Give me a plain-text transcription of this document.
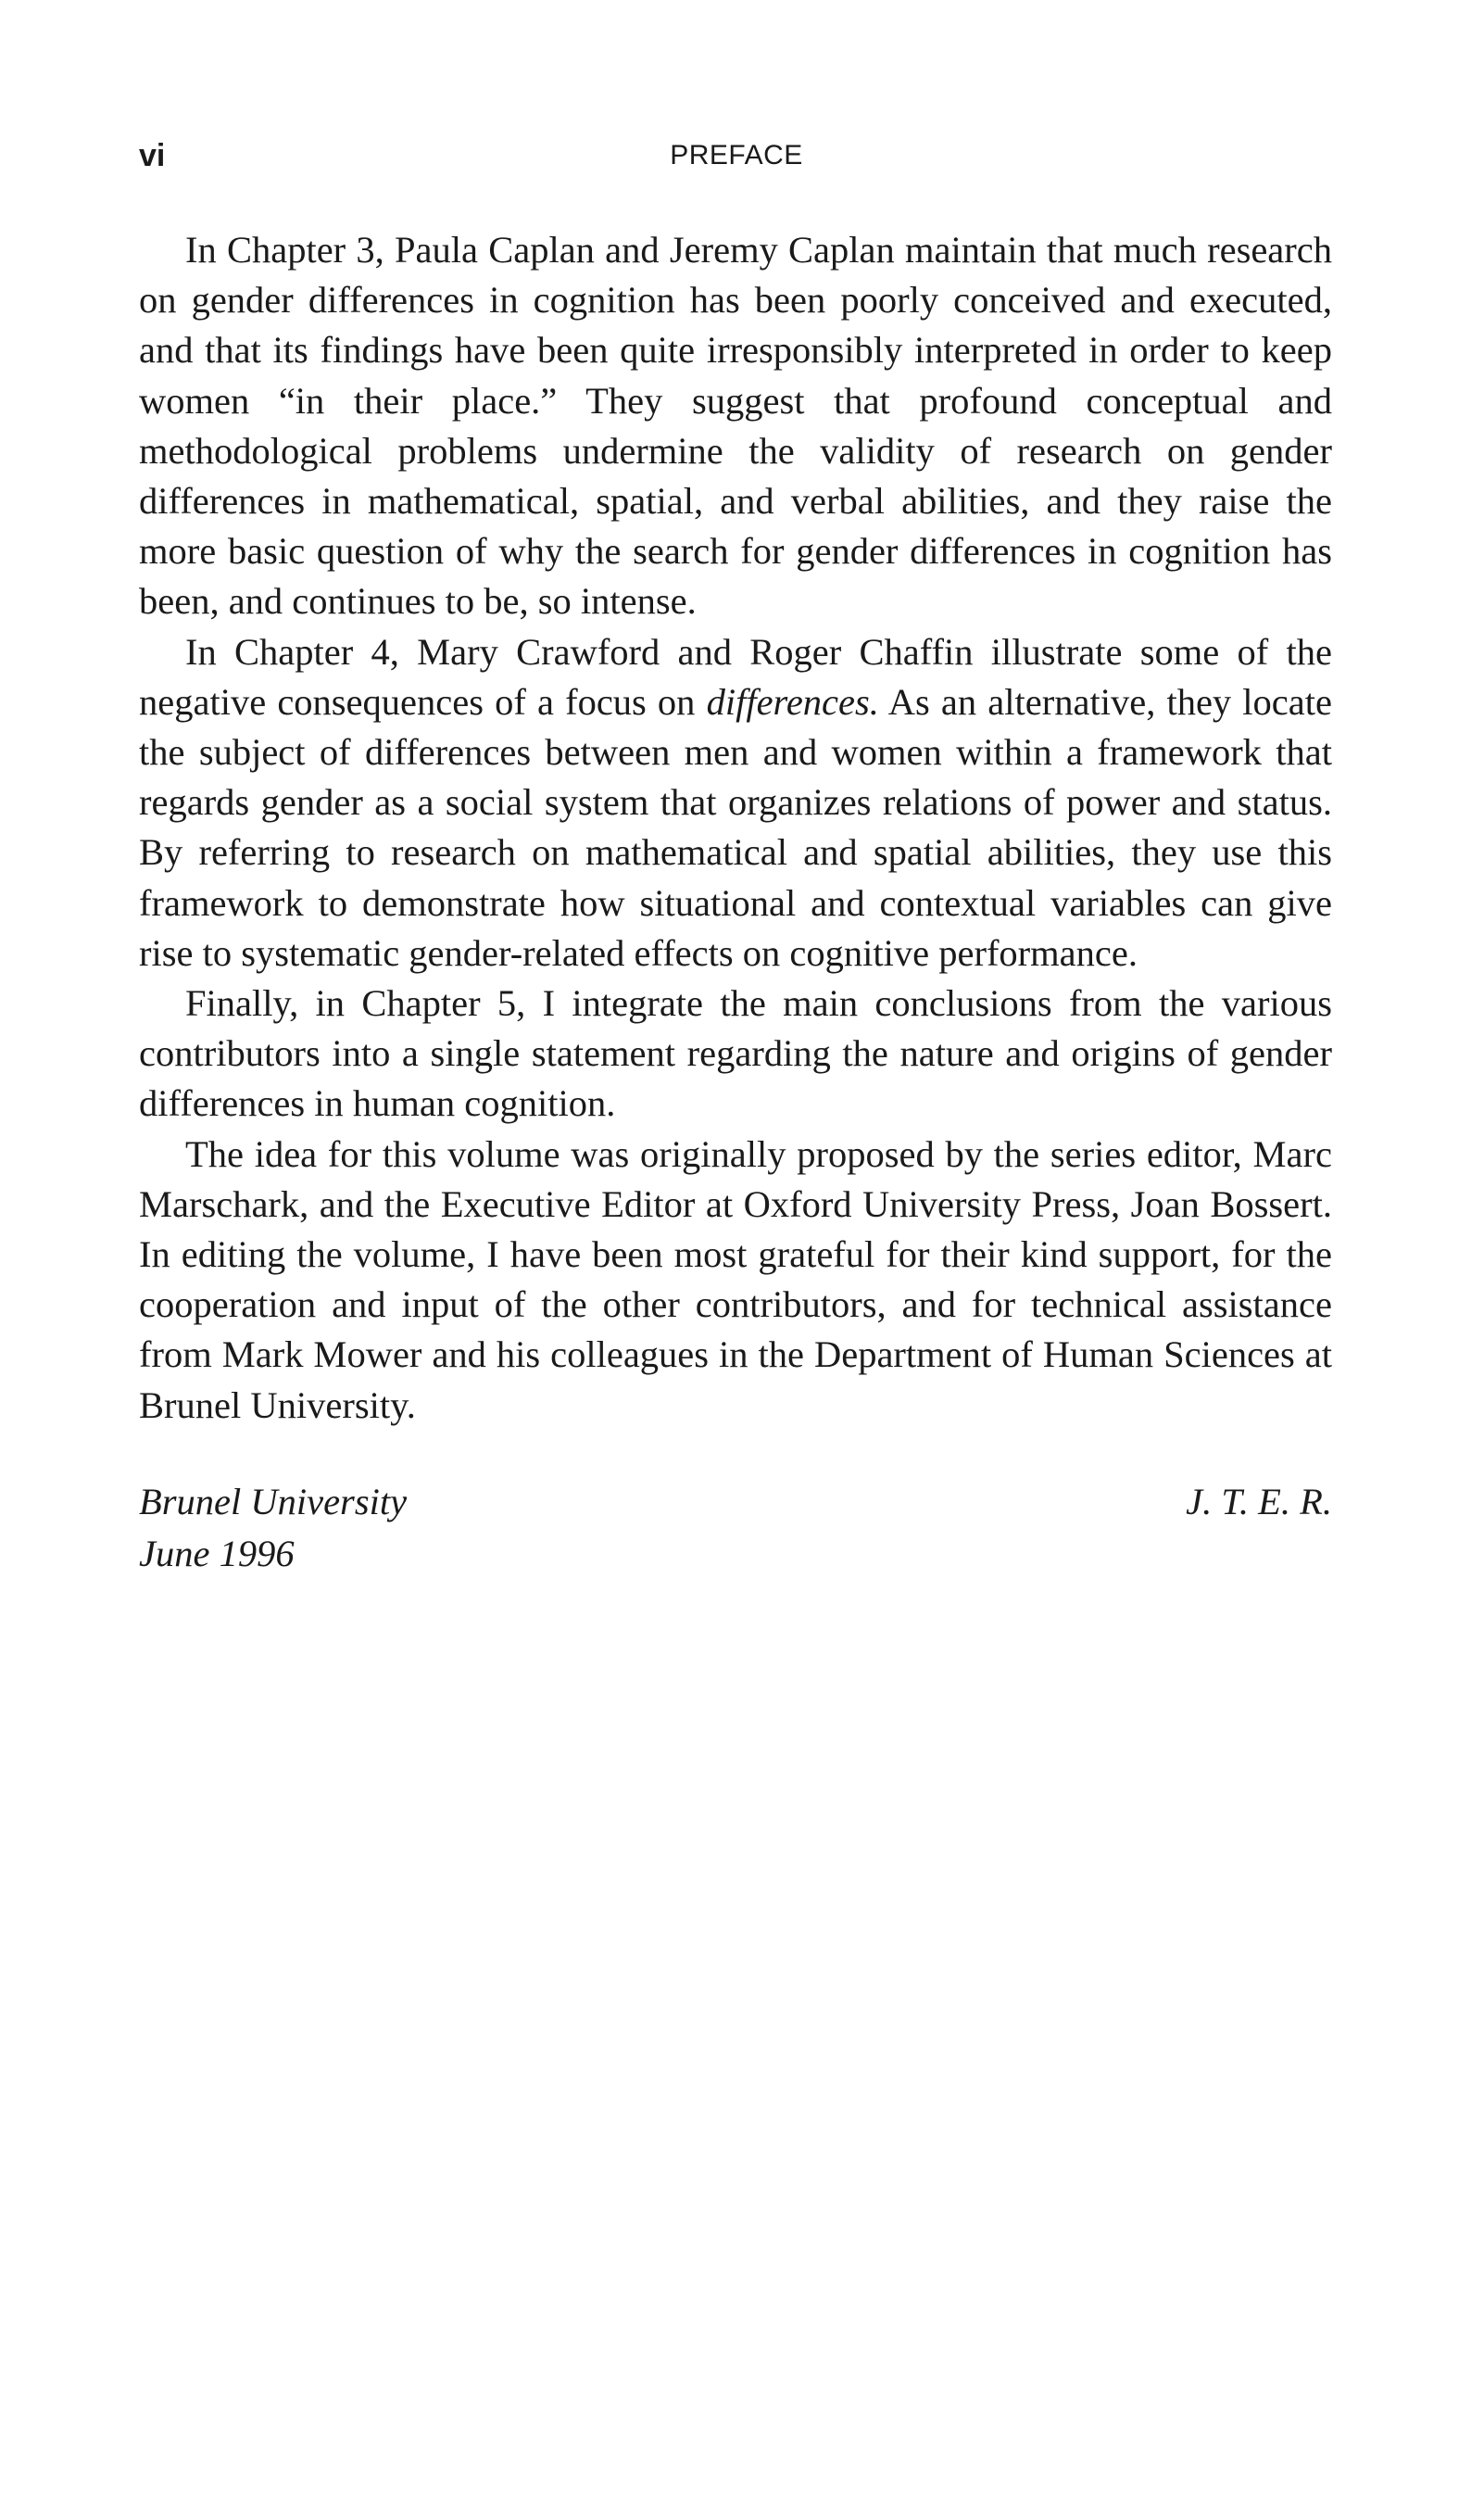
vi	PREFACE

In Chapter 3, Paula Caplan and Jeremy Caplan maintain that much research on gender differences in cognition has been poorly conceived and executed, and that its findings have been quite irresponsibly interpreted in order to keep women “in their place.” They suggest that profound conceptual and methodological problems undermine the validity of research on gender differences in mathematical, spatial, and verbal abilities, and they raise the more basic question of why the search for gender differences in cognition has been, and continues to be, so intense.

In Chapter 4, Mary Crawford and Roger Chaffin illustrate some of the negative consequences of a focus on differences. As an alternative, they locate the subject of differences between men and women within a framework that regards gender as a social system that organizes relations of power and status. By referring to research on mathematical and spatial abilities, they use this framework to demonstrate how situational and contextual variables can give rise to systematic gender-related effects on cognitive performance.

Finally, in Chapter 5, I integrate the main conclusions from the various contributors into a single statement regarding the nature and origins of gender differences in human cognition.

The idea for this volume was originally proposed by the series editor, Marc Marschark, and the Executive Editor at Oxford University Press, Joan Bossert. In editing the volume, I have been most grateful for their kind support, for the cooperation and input of the other contributors, and for technical assistance from Mark Mower and his colleagues in the Department of Human Sciences at Brunel University.

Brunel University
June 1996
J. T. E. R.
